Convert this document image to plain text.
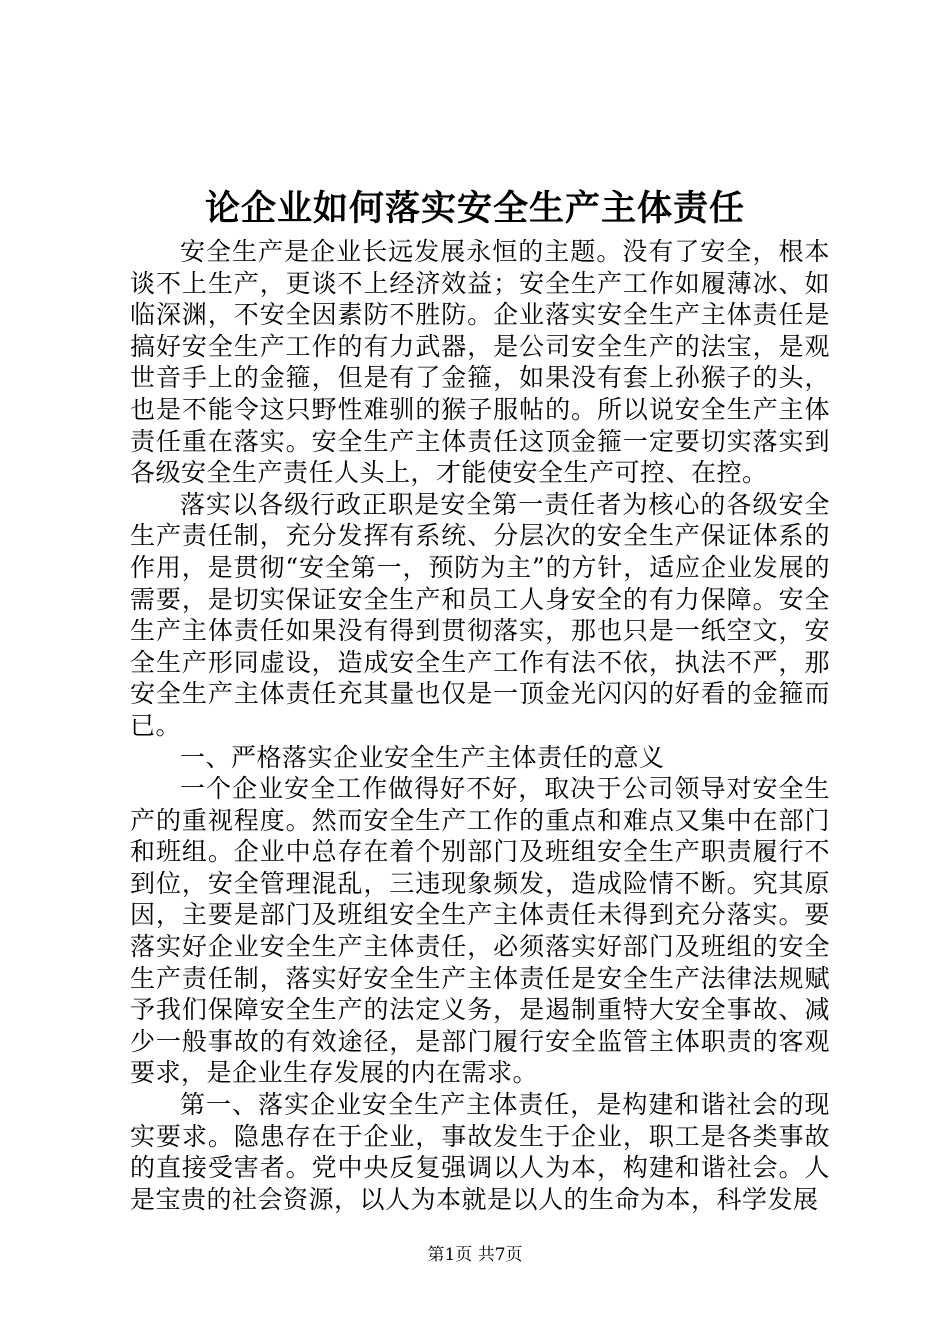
论企业如何落实安全生产主体责任

安全生产是企业长远发展永恒的主题。没有了安全，根本谈不上生产，更谈不上经济效益；安全生产工作如履薄冰、如临深渊，不安全因素防不胜防。企业落实安全生产主体责任是搞好安全生产工作的有力武器，是公司安全生产的法宝，是观世音手上的金箍，但是有了金箍，如果没有套上孙猴子的头，也是不能令这只野性难驯的猴子服帖的。所以说安全生产主体责任重在落实。安全生产主体责任这顶金箍一定要切实落实到各级安全生产责任人头上，才能使安全生产可控、在控。

落实以各级行政正职是安全第一责任者为核心的各级安全生产责任制，充分发挥有系统、分层次的安全生产保证体系的作用，是贯彻“安全第一，预防为主”的方针，适应企业发展的需要，是切实保证安全生产和员工人身安全的有力保障。安全生产主体责任如果没有得到贯彻落实，那也只是一纸空文，安全生产形同虚设，造成安全生产工作有法不依，执法不严，那安全生产主体责任充其量也仅是一顶金光闪闪的好看的金箍而已。

一、严格落实企业安全生产主体责任的意义

一个企业安全工作做得好不好，取决于公司领导对安全生产的重视程度。然而安全生产工作的重点和难点又集中在部门和班组。企业中总存在着个别部门及班组安全生产职责履行不到位，安全管理混乱，三违现象频发，造成险情不断。究其原因，主要是部门及班组安全生产主体责任未得到充分落实。要落实好企业安全生产主体责任，必须落实好部门及班组的安全生产责任制，落实好安全生产主体责任是安全生产法律法规赋予我们保障安全生产的法定义务，是遏制重特大安全事故、减少一般事故的有效途径，是部门履行安全监管主体职责的客观要求，是企业生存发展的内在需求。

第一、落实企业安全生产主体责任，是构建和谐社会的现实要求。隐患存在于企业，事故发生于企业，职工是各类事故的直接受害者。党中央反复强调以人为本，构建和谐社会。人是宝贵的社会资源，以人为本就是以人的生命为本，科学发展

第1页 共7页
